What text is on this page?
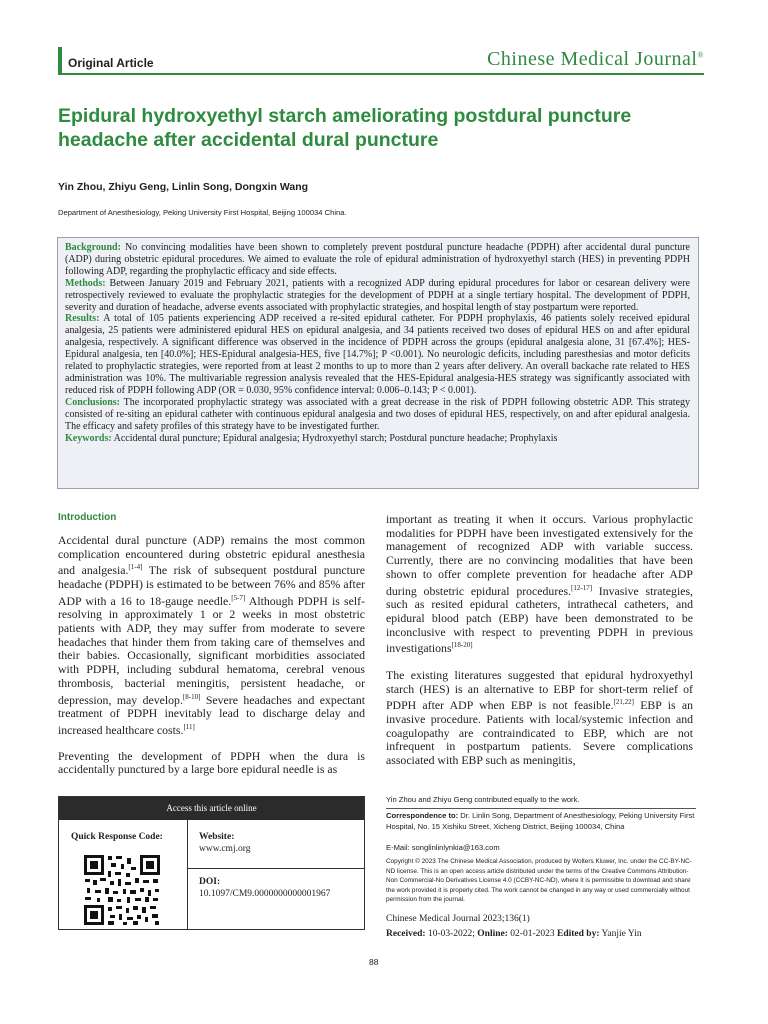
Original Article	Chinese Medical Journal®
Epidural hydroxyethyl starch ameliorating postdural puncture headache after accidental dural puncture
Yin Zhou, Zhiyu Geng, Linlin Song, Dongxin Wang
Department of Anesthesiology, Peking University First Hospital, Beijing 100034 China.

Background: No convincing modalities have been shown to completely prevent postdural puncture headache (PDPH) after accidental dural puncture (ADP) during obstetric epidural procedures. We aimed to evaluate the role of epidural administration of hydroxyethyl starch (HES) in preventing PDPH following ADP, regarding the prophylactic efficacy and side effects.

Methods: Between January 2019 and February 2021, patients with a recognized ADP during epidural procedures for labor or cesarean delivery were retrospectively reviewed to evaluate the prophylactic strategies for the development of PDPH at a single tertiary hospital. The development of PDPH, severity and duration of headache, adverse events associated with prophylactic strategies, and hospital length of stay postpartum were reported.

Results: A total of 105 patients experiencing ADP received a re-sited epidural catheter. For PDPH prophylaxis, 46 patients solely received epidural analgesia, 25 patients were administered epidural HES on epidural analgesia, and 34 patients received two doses of epidural HES on and after epidural analgesia, respectively. A significant difference was observed in the incidence of PDPH across the groups (epidural analgesia alone, 31 [67.4%]; HES-Epidural analgesia, ten [40.0%]; HES-Epidural analgesia-HES, five [14.7%]; P <0.001). No neurologic deficits, including paresthesias and motor deficits related to prophylactic strategies, were reported from at least 2 months to up to more than 2 years after delivery. An overall backache rate related to HES administration was 10%. The multivariable regression analysis revealed that the HES-Epidural analgesia-HES strategy was significantly associated with reduced risk of PDPH following ADP (OR = 0.030, 95% confidence interval: 0.006–0.143; P < 0.001).

Conclusions: The incorporated prophylactic strategy was associated with a great decrease in the risk of PDPH following obstetric ADP. This strategy consisted of re-siting an epidural catheter with continuous epidural analgesia and two doses of epidural HES, respectively, on and after epidural analgesia. The efficacy and safety profiles of this strategy have to be investigated further.

Keywords: Accidental dural puncture; Epidural analgesia; Hydroxyethyl starch; Postdural puncture headache; Prophylaxis

Introduction

Accidental dural puncture (ADP) remains the most common complication encountered during obstetric epidural anesthesia and analgesia.[1-4] The risk of subsequent postdural puncture headache (PDPH) is estimated to be between 76% and 85% after ADP with a 16 to 18-gauge needle.[5-7] Although PDPH is self-resolving in approximately 1 or 2 weeks in most obstetric patients with ADP, they may suffer from moderate to severe headaches that hinder them from taking care of themselves and their babies. Occasionally, significant morbidities associated with PDPH, including subdural hematoma, cerebral venous thrombosis, bacterial meningitis, persistent headache, or depression, may develop.[8-10] Severe headaches and expectant treatment of PDPH inevitably lead to discharge delay and increased healthcare costs.[11]

Preventing the development of PDPH when the dura is accidentally punctured by a large bore epidural needle is as

important as treating it when it occurs. Various prophylactic modalities for PDPH have been investigated extensively for the management of recognized ADP with variable success. Currently, there are no convincing modalities that have been shown to offer complete prevention for headache after ADP during obstetric epidural procedures.[12-17] Invasive strategies, such as resited epidural catheters, intrathecal catheters, and epidural blood patch (EBP) have been demonstrated to be inconclusive with respect to preventing PDPH in previous investigations[18-20]

The existing literatures suggested that epidural hydroxyethyl starch (HES) is an alternative to EBP for short-term relief of PDPH after ADP when EBP is not feasible.[21,22] EBP is an invasive procedure. Patients with local/systemic infection and coagulopathy are contraindicated to EBP, which are not infrequent in postpartum patients. Severe complications associated with EBP such as meningitis,

Access this article online
Quick Response Code:	Website:
www.cmj.org
DOI:
10.1097/CM9.0000000000001967
Yin Zhou and Zhiyu Geng contributed equally to the work.
Correspondence to: Dr. Linlin Song, Department of Anesthesiology, Peking University First Hospital, No. 15 Xishiku Street, Xicheng District, Beijing 100034, China
E-Mail: songlinlinlynkia@163.com
Copyright © 2023 The Chinese Medical Association, produced by Wolters Kluwer, Inc. under the CC-BY-NC-ND license. This is an open access article distributed under the terms of the Creative Commons Attribution-Non Commercial-No Derivatives License 4.0 (CCBY-NC-ND), where it is permissible to download and share the work provided it is properly cited. The work cannot be changed in any way or used commercially without permission from the journal.
Chinese Medical Journal 2023;136(1)
Received: 10-03-2022; Online: 02-01-2023 Edited by: Yanjie Yin
88
